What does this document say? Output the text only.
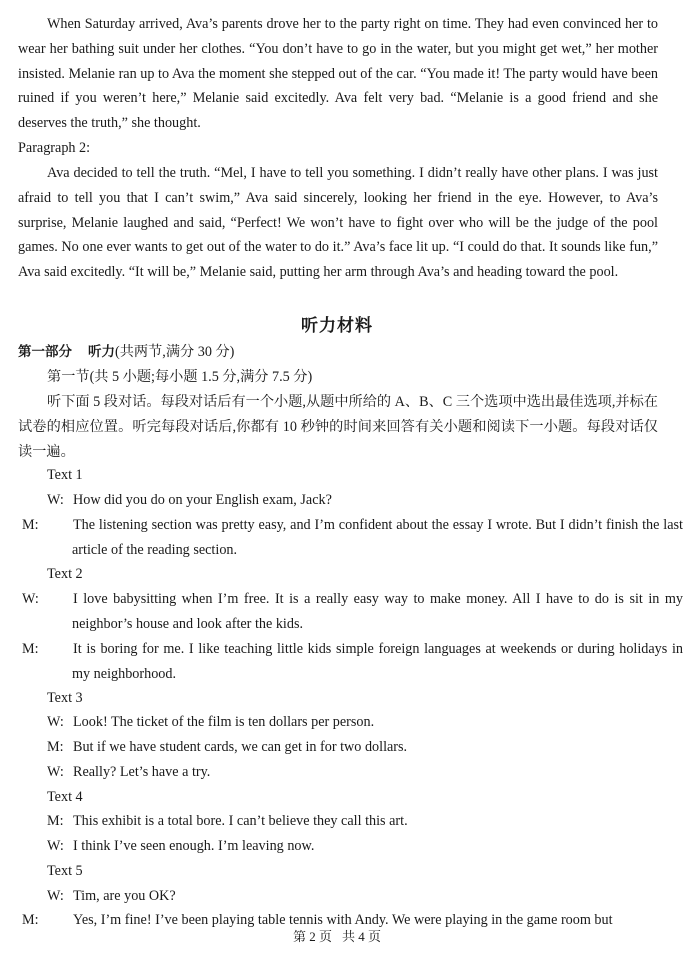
When Saturday arrived, Ava’s parents drove her to the party right on time. They had even convinced her to wear her bathing suit under her clothes. “You don’t have to go in the water, but you might get wet,” her mother insisted. Melanie ran up to Ava the moment she stepped out of the car. “You made it! The party would have been ruined if you weren’t here,” Melanie said excitedly. Ava felt very bad. “Melanie is a good friend and she deserves the truth,” she thought.

Paragraph 2:

Ava decided to tell the truth. “Mel, I have to tell you something. I didn’t really have other plans. I was just afraid to tell you that I can’t swim,” Ava said sincerely, looking her friend in the eye. However, to Ava’s surprise, Melanie laughed and said, “Perfect! We won’t have to fight over who will be the judge of the pool games. No one ever wants to get out of the water to do it.” Ava’s face lit up. “I could do that. It sounds like fun,” Ava said excitedly. “It will be,” Melanie said, putting her arm through Ava’s and heading toward the pool.

听力材料
第一部分 听力(共两节,满分 30 分)
第一节(共 5 小题;每小题 1.5 分,满分 7.5 分)

听下面 5 段对话。每段对话后有一个小题,从题中所给的 A、B、C 三个选项中选出最佳选项,并标在试卷的相应位置。听完每段对话后,你都有 10 秒钟的时间来回答有关小题和阅读下一小题。每段对话仅读一遍。

Text 1

W: How did you do on your English exam, Jack?

M: The listening section was pretty easy, and I’m confident about the essay I wrote. But I didn’t finish the last article of the reading section.

Text 2

W: I love babysitting when I’m free. It is a really easy way to make money. All I have to do is sit in my neighbor’s house and look after the kids.

M: It is boring for me. I like teaching little kids simple foreign languages at weekends or during holidays in my neighborhood.

Text 3

W: Look! The ticket of the film is ten dollars per person.

M: But if we have student cards, we can get in for two dollars.

W: Really? Let’s have a try.

Text 4

M: This exhibit is a total bore. I can’t believe they call this art.

W: I think I’ve seen enough. I’m leaving now.

Text 5

W: Tim, are you OK?

M: Yes, I’m fine! I’ve been playing table tennis with Andy. We were playing in the game room but

第 2 页 共 4 页
